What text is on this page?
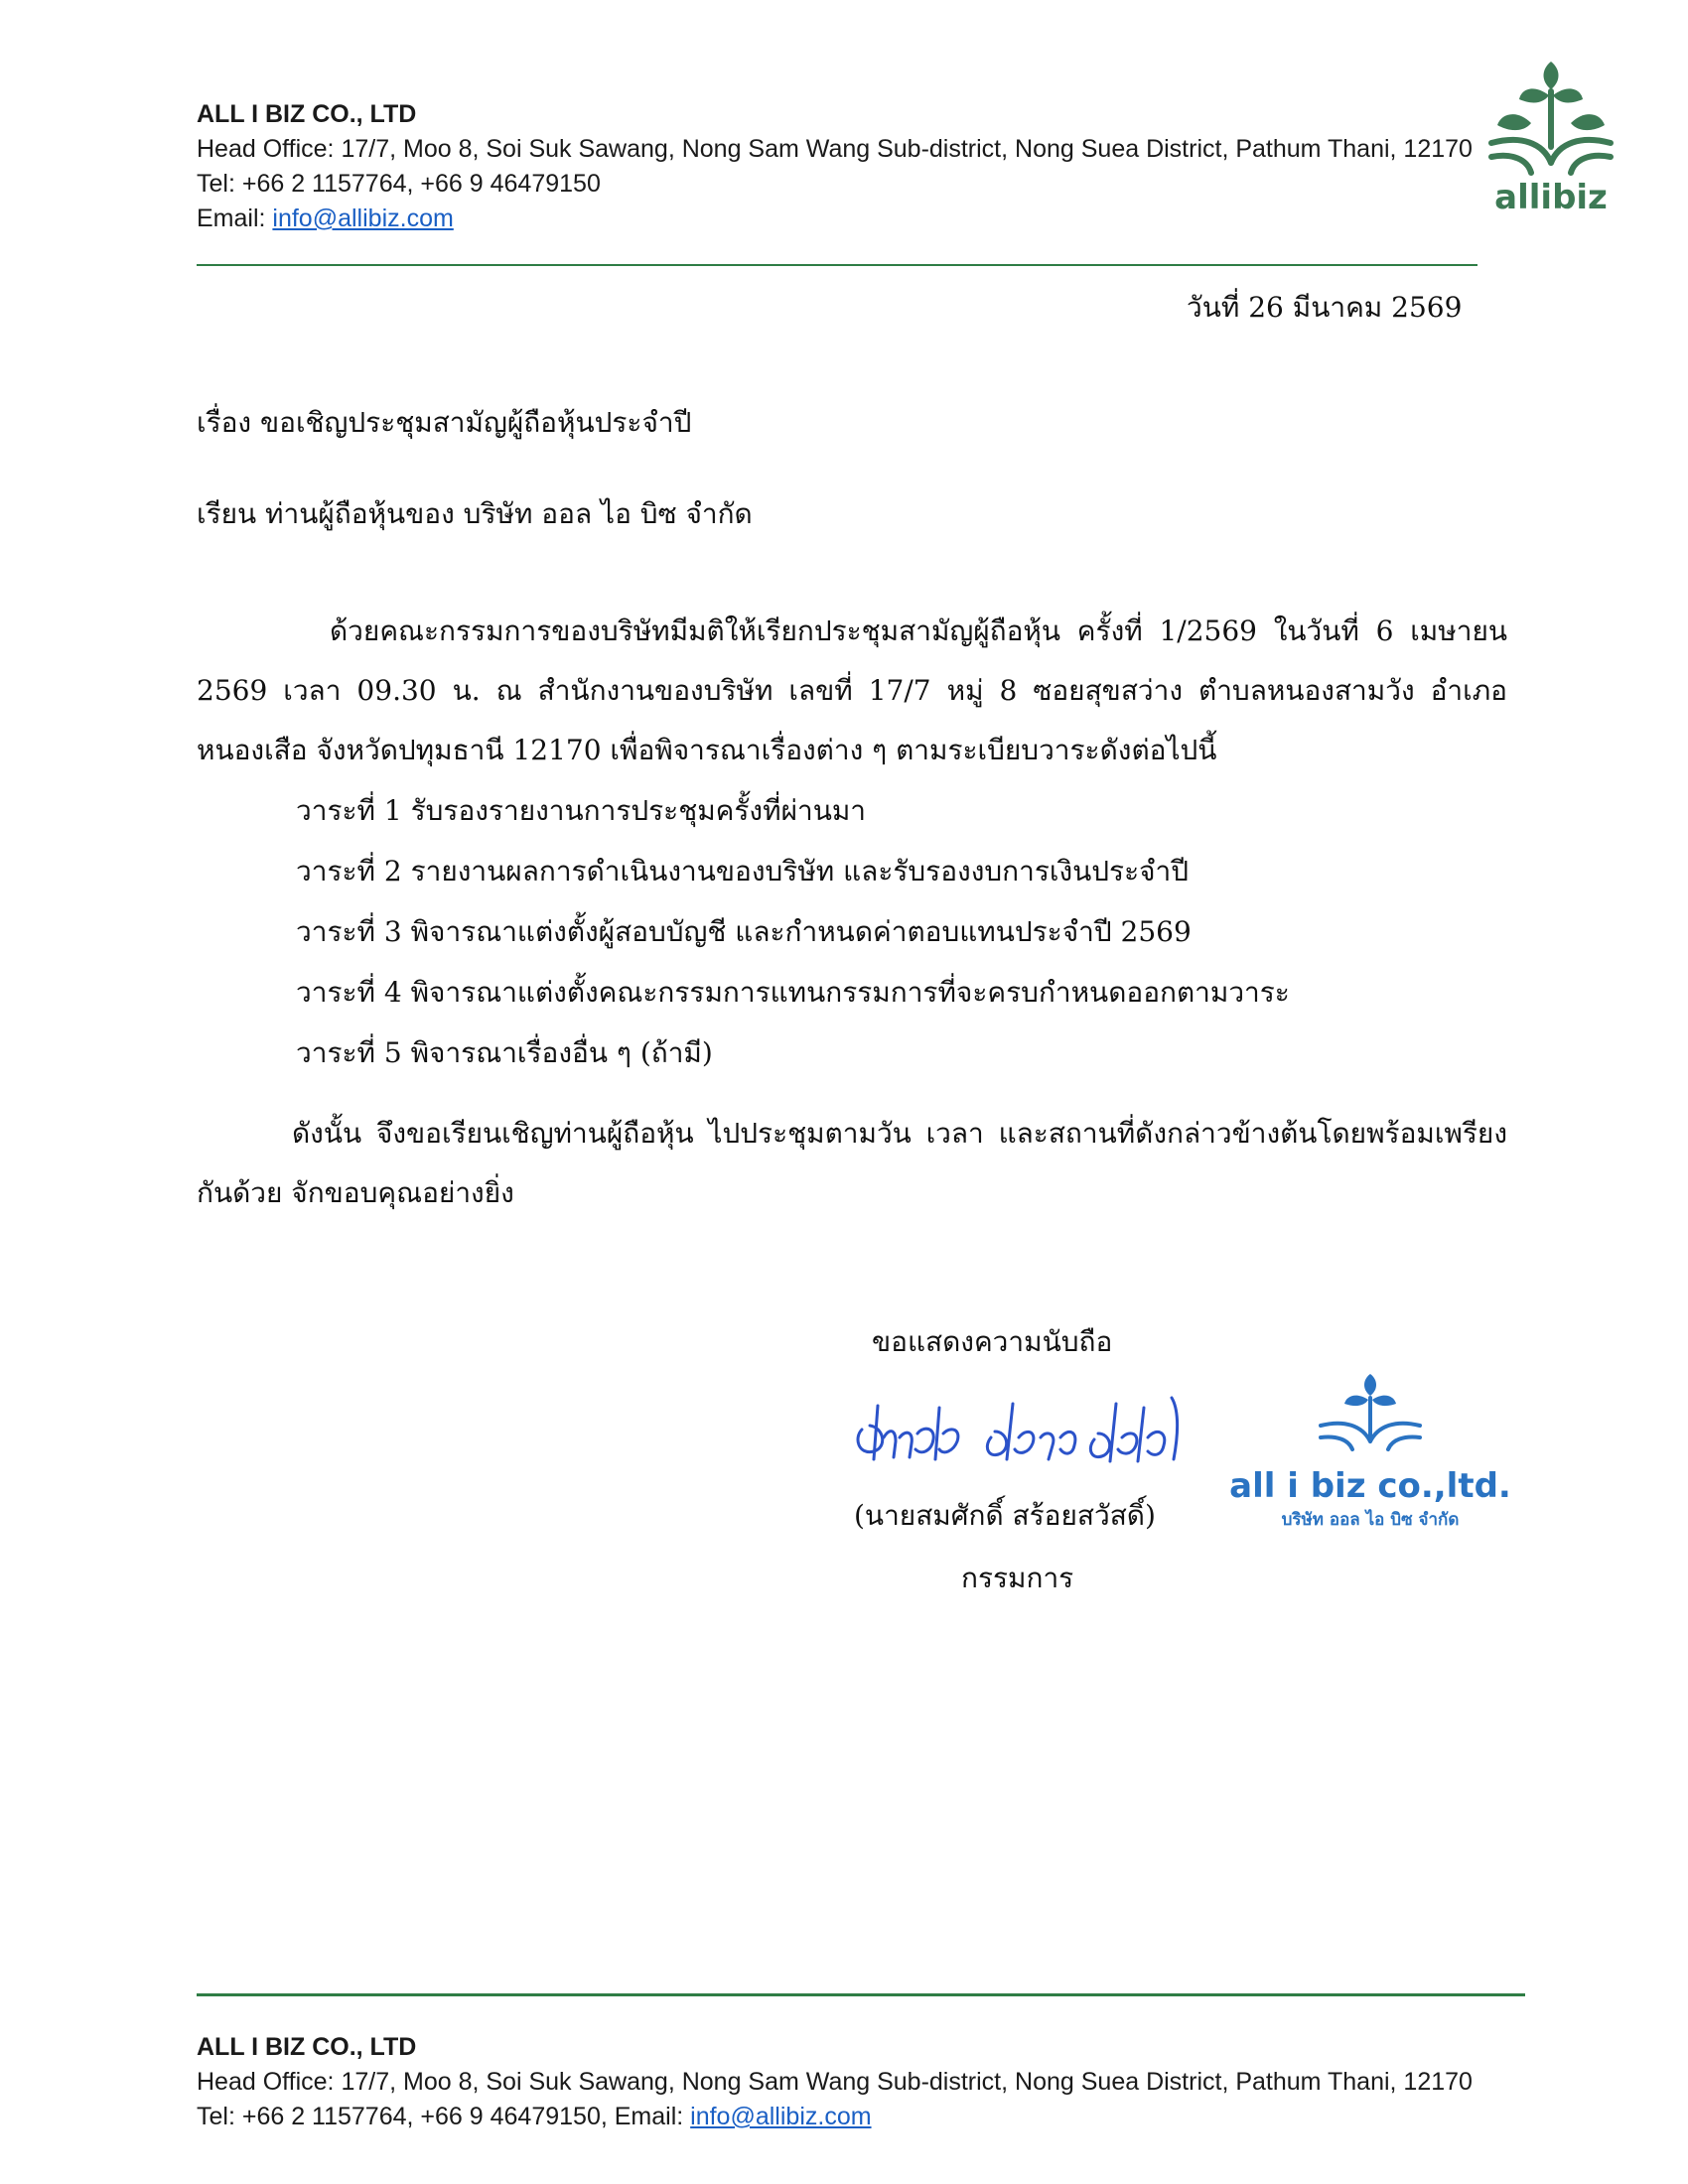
ALL I BIZ CO., LTD
Head Office: 17/7, Moo 8, Soi Suk Sawang, Nong Sam Wang Sub-district, Nong Suea District, Pathum Thani, 12170
Tel: +66 2 1157764, +66 9 46479150
Email: info@allibiz.com
allibiz
วันที่ 26 มีนาคม 2569
เรื่อง ขอเชิญประชุมสามัญผู้ถือหุ้นประจำปี
เรียน ท่านผู้ถือหุ้นของ บริษัท ออล ไอ บิซ จำกัด
ด้วยคณะกรรมการของบริษัทมีมติให้เรียกประชุมสามัญผู้ถือหุ้น ครั้งที่ 1/2569 ในวันที่ 6 เมษายน 2569 เวลา 09.30 น. ณ สำนักงานของบริษัท เลขที่ 17/7 หมู่ 8 ซอยสุขสว่าง ตำบลหนองสามวัง อำเภอหนองเสือ จังหวัดปทุมธานี 12170 เพื่อพิจารณาเรื่องต่าง ๆ ตามระเบียบวาระดังต่อไปนี้
วาระที่ 1 รับรองรายงานการประชุมครั้งที่ผ่านมา
วาระที่ 2 รายงานผลการดำเนินงานของบริษัท และรับรองงบการเงินประจำปี
วาระที่ 3 พิจารณาแต่งตั้งผู้สอบบัญชี และกำหนดค่าตอบแทนประจำปี 2569
วาระที่ 4 พิจารณาแต่งตั้งคณะกรรมการแทนกรรมการที่จะครบกำหนดออกตามวาระ
วาระที่ 5 พิจารณาเรื่องอื่น ๆ (ถ้ามี)
ดังนั้น จึงขอเรียนเชิญท่านผู้ถือหุ้น ไปประชุมตามวัน เวลา และสถานที่ดังกล่าวข้างต้นโดยพร้อมเพรียงกันด้วย จักขอบคุณอย่างยิ่ง
ขอแสดงความนับถือ
all i biz co.,ltd.
บริษัท ออล ไอ บิซ จำกัด
(นายสมศักดิ์ สร้อยสวัสดิ์)
กรรมการ
ALL I BIZ CO., LTD
Head Office: 17/7, Moo 8, Soi Suk Sawang, Nong Sam Wang Sub-district, Nong Suea District, Pathum Thani, 12170
Tel: +66 2 1157764, +66 9 46479150, Email: info@allibiz.com
